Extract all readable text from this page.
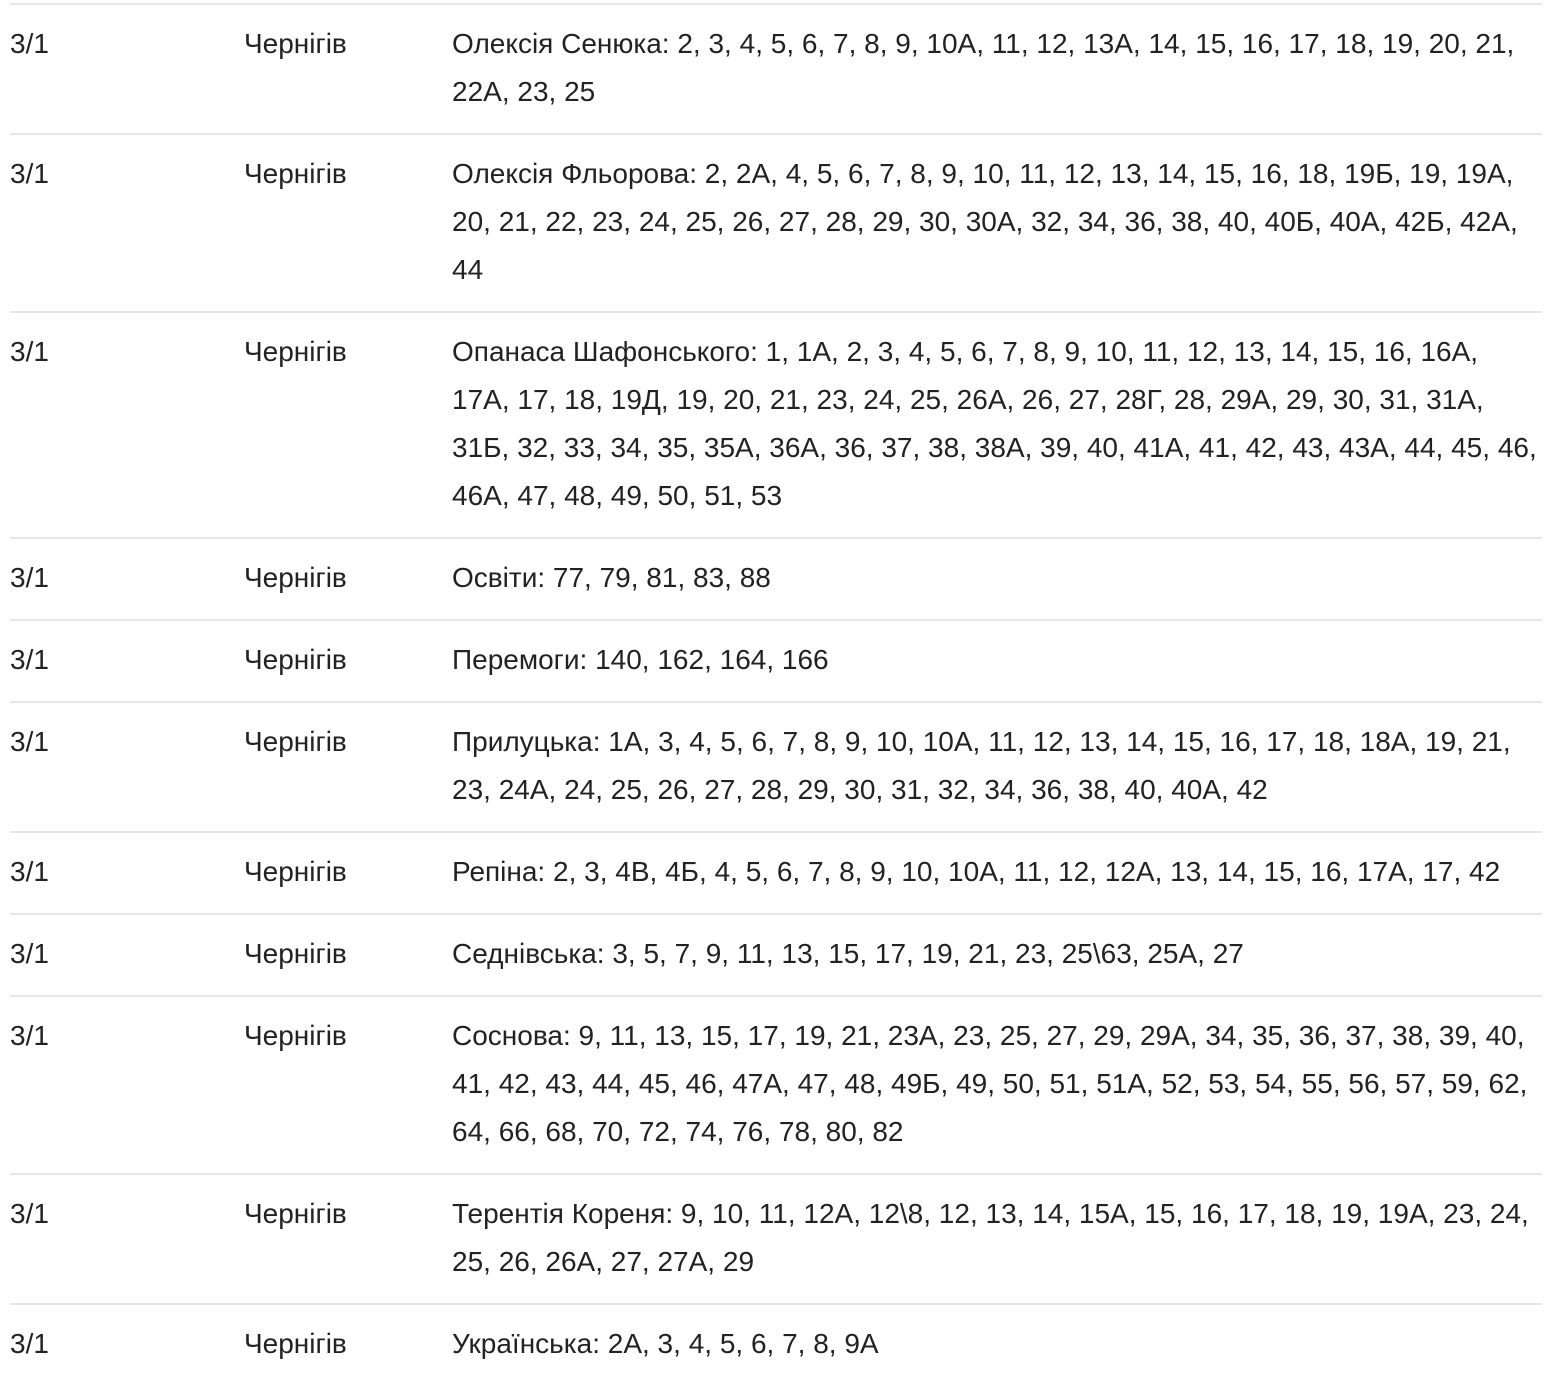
3/1	Чернігів	Олексія Сенюка: 2, 3, 4, 5, 6, 7, 8, 9, 10А, 11, 12, 13А, 14, 15, 16, 17, 18, 19, 20, 21, 22А, 23, 25
3/1	Чернігів	Олексія Фльорова: 2, 2А, 4, 5, 6, 7, 8, 9, 10, 11, 12, 13, 14, 15, 16, 18, 19Б, 19, 19А, 20, 21, 22, 23, 24, 25, 26, 27, 28, 29, 30, 30А, 32, 34, 36, 38, 40, 40Б, 40А, 42Б, 42А, 44
3/1	Чернігів	Опанаса Шафонського: 1, 1А, 2, 3, 4, 5, 6, 7, 8, 9, 10, 11, 12, 13, 14, 15, 16, 16А, 17А, 17, 18, 19Д, 19, 20, 21, 23, 24, 25, 26А, 26, 27, 28Г, 28, 29А, 29, 30, 31, 31А, 31Б, 32, 33, 34, 35, 35А, 36А, 36, 37, 38, 38А, 39, 40, 41А, 41, 42, 43, 43А, 44, 45, 46, 46А, 47, 48, 49, 50, 51, 53
3/1	Чернігів	Освіти: 77, 79, 81, 83, 88
3/1	Чернігів	Перемоги: 140, 162, 164, 166
3/1	Чернігів	Прилуцька: 1А, 3, 4, 5, 6, 7, 8, 9, 10, 10А, 11, 12, 13, 14, 15, 16, 17, 18, 18А, 19, 21, 23, 24А, 24, 25, 26, 27, 28, 29, 30, 31, 32, 34, 36, 38, 40, 40А, 42
3/1	Чернігів	Репіна: 2, 3, 4В, 4Б, 4, 5, 6, 7, 8, 9, 10, 10А, 11, 12, 12А, 13, 14, 15, 16, 17А, 17, 42
3/1	Чернігів	Седнівська: 3, 5, 7, 9, 11, 13, 15, 17, 19, 21, 23, 25\63, 25А, 27
3/1	Чернігів	Соснова: 9, 11, 13, 15, 17, 19, 21, 23А, 23, 25, 27, 29, 29А, 34, 35, 36, 37, 38, 39, 40, 41, 42, 43, 44, 45, 46, 47А, 47, 48, 49Б, 49, 50, 51, 51А, 52, 53, 54, 55, 56, 57, 59, 62, 64, 66, 68, 70, 72, 74, 76, 78, 80, 82
3/1	Чернігів	Терентія Кореня: 9, 10, 11, 12А, 12\8, 12, 13, 14, 15А, 15, 16, 17, 18, 19, 19А, 23, 24, 25, 26, 26А, 27, 27А, 29
3/1	Чернігів	Українська: 2А, 3, 4, 5, 6, 7, 8, 9А
